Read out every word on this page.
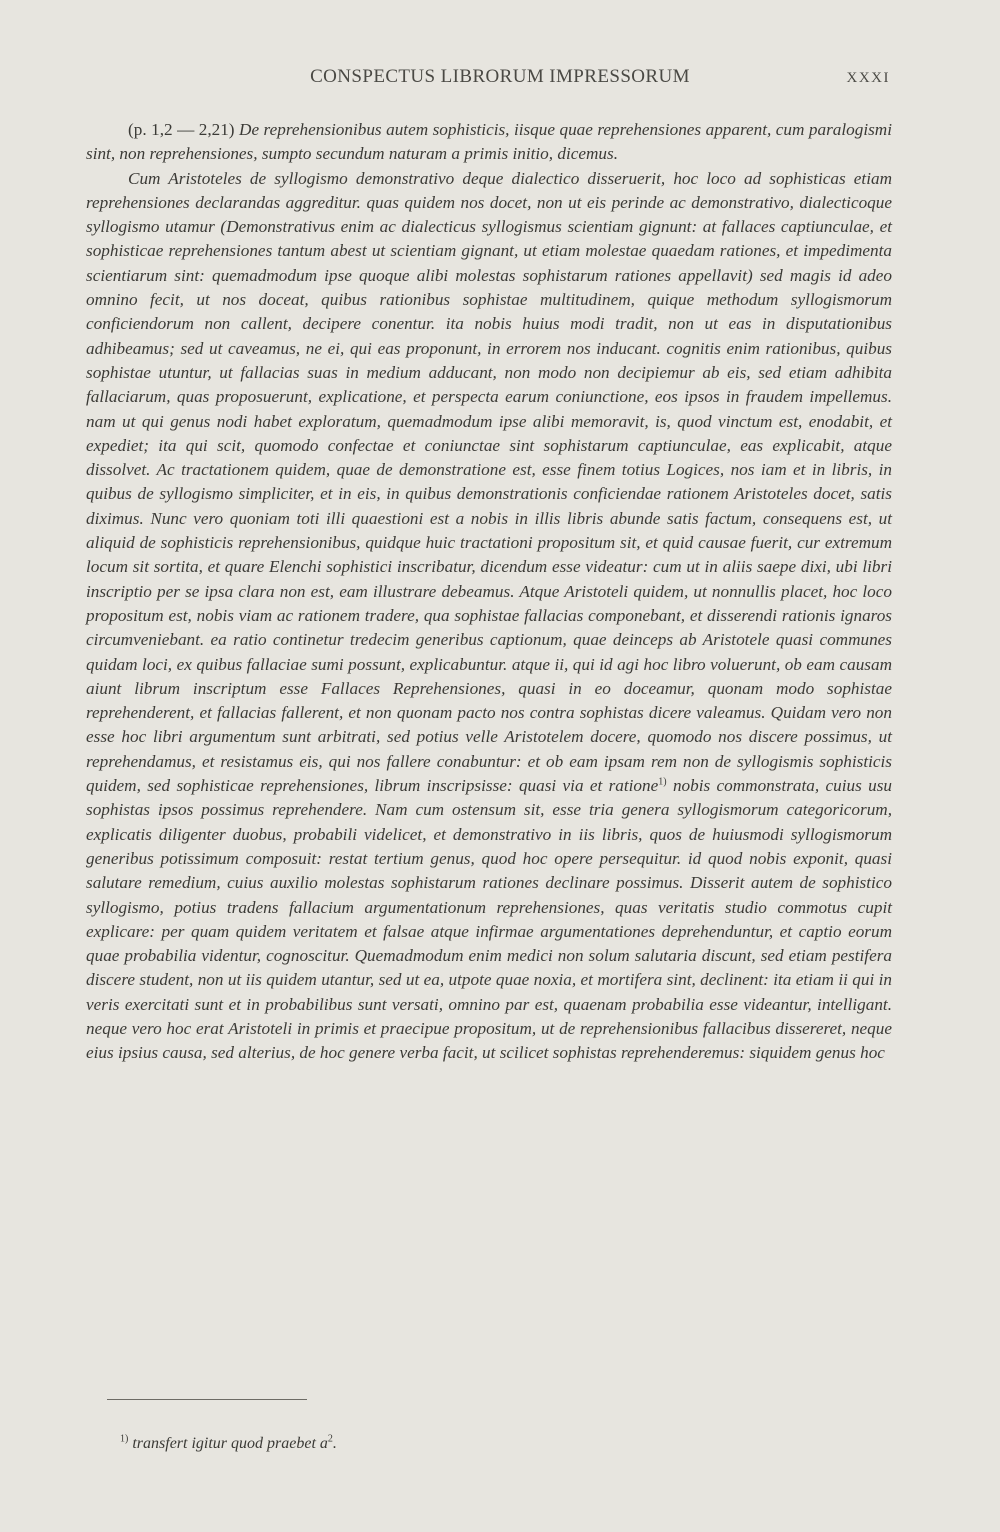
CONSPECTUS LIBRORUM IMPRESSORUM	XXXI

(p. 1,2 — 2,21) De reprehensionibus autem sophisticis, iisque quae reprehensiones apparent, cum paralogismi sint, non reprehensiones, sumpto secundum naturam a primis initio, dicemus.

Cum Aristoteles de syllogismo demonstrativo deque dialectico disseruerit, hoc loco ad sophisticas etiam reprehensiones declarandas aggreditur. quas quidem nos docet, non ut eis perinde ac demonstrativo, dialecticoque syllogismo utamur (Demonstrativus enim ac dialecticus syllogismus scientiam gignunt: at fallaces captiunculae, et sophisticae reprehensiones tantum abest ut scientiam gignant, ut etiam molestae quaedam rationes, et impedimenta scientiarum sint: quemadmodum ipse quoque alibi molestas sophistarum rationes appellavit) sed magis id adeo omnino fecit, ut nos doceat, quibus rationibus sophistae multitudinem, quique methodum syllogismorum conficiendorum non callent, decipere conentur. ita nobis huius modi tradit, non ut eas in disputationibus adhibeamus; sed ut caveamus, ne ei, qui eas proponunt, in errorem nos inducant. cognitis enim rationibus, quibus sophistae utuntur, ut fallacias suas in medium adducant, non modo non decipiemur ab eis, sed etiam adhibita fallaciarum, quas proposuerunt, explicatione, et perspecta earum coniunctione, eos ipsos in fraudem impellemus. nam ut qui genus nodi habet exploratum, quemadmodum ipse alibi memoravit, is, quod vinctum est, enodabit, et expediet; ita qui scit, quomodo confectae et coniunctae sint sophistarum captiunculae, eas explicabit, atque dissolvet. Ac tractationem quidem, quae de demonstratione est, esse finem totius Logices, nos iam et in libris, in quibus de syllogismo simpliciter, et in eis, in quibus demonstrationis conficiendae rationem Aristoteles docet, satis diximus. Nunc vero quoniam toti illi quaestioni est a nobis in illis libris abunde satis factum, consequens est, ut aliquid de sophisticis reprehensionibus, quidque huic tractationi propositum sit, et quid causae fuerit, cur extremum locum sit sortita, et quare Elenchi sophistici inscribatur, dicendum esse videatur: cum ut in aliis saepe dixi, ubi libri inscriptio per se ipsa clara non est, eam illustrare debeamus. Atque Aristoteli quidem, ut nonnullis placet, hoc loco propositum est, nobis viam ac rationem tradere, qua sophistae fallacias componebant, et disserendi rationis ignaros circumveniebant. ea ratio continetur tredecim generibus captionum, quae deinceps ab Aristotele quasi communes quidam loci, ex quibus fallaciae sumi possunt, explicabuntur. atque ii, qui id agi hoc libro voluerunt, ob eam causam aiunt librum inscriptum esse Fallaces Reprehensiones, quasi in eo doceamur, quonam modo sophistae reprehenderent, et fallacias fallerent, et non quonam pacto nos contra sophistas dicere valeamus. Quidam vero non esse hoc libri argumentum sunt arbitrati, sed potius velle Aristotelem docere, quomodo nos discere possimus, ut reprehendamus, et resistamus eis, qui nos fallere conabuntur: et ob eam ipsam rem non de syllogismis sophisticis quidem, sed sophisticae reprehensiones, librum inscripsisse: quasi via et ratione$^{1)}$ nobis commonstrata, cuius usu sophistas ipsos possimus reprehendere. Nam cum ostensum sit, esse tria genera syllogismorum categoricorum, explicatis diligenter duobus, probabili videlicet, et demonstrativo in iis libris, quos de huiusmodi syllogismorum generibus potissimum composuit: restat tertium genus, quod hoc opere persequitur. id quod nobis exponit, quasi salutare remedium, cuius auxilio molestas sophistarum rationes declinare possimus. Disserit autem de sophistico syllogismo, potius tradens fallacium argumentationum reprehensiones, quas veritatis studio commotus cupit explicare: per quam quidem veritatem et falsae atque infirmae argumentationes deprehenduntur, et captio eorum quae probabilia videntur, cognoscitur. Quemadmodum enim medici non solum salutaria discunt, sed etiam pestifera discere student, non ut iis quidem utantur, sed ut ea, utpote quae noxia, et mortifera sint, declinent: ita etiam ii qui in veris exercitati sunt et in probabilibus sunt versati, omnino par est, quaenam probabilia esse videantur, intelligant. neque vero hoc erat Aristoteli in primis et praecipue propositum, ut de reprehensionibus fallacibus dissereret, neque eius ipsius causa, sed alterius, de hoc genere verba facit, ut scilicet sophistas reprehenderemus: siquidem genus hoc

$^{1)}$ transfert igitur quod praebet $a^2$.
